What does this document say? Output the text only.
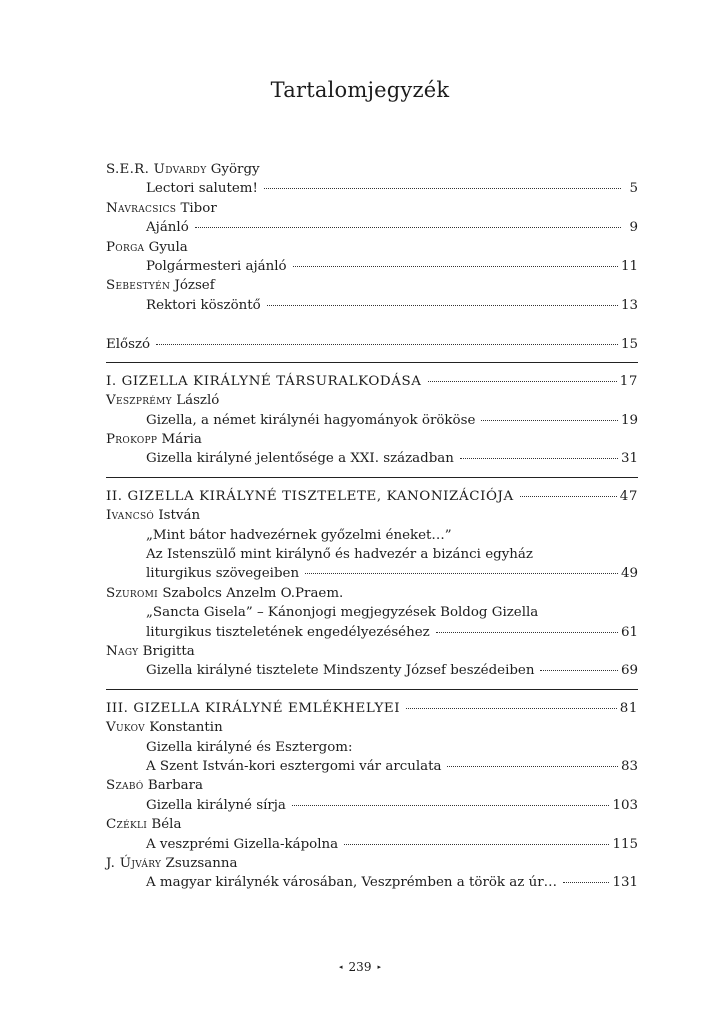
Tartalomjegyzék
S.E.R. Udvardy
György
Lectori salutem!	5
Navracsics
Tibor
Ajánló	9
Porga
Gyula
Polgármesteri ajánló	11
Sebestyén
József
Rektori köszöntő	13
Előszó	15
I. GIZELLA KIRÁLYNÉ TÁRSURALKODÁSA	17
Veszprémy
László
Gizella, a német királynéi hagyományok örököse	19
Prokopp
Mária
Gizella királyné jelentősége a XXI. században	31
II. GIZELLA KIRÁLYNÉ TISZTELETE, KANONIZÁCIÓJA	47
Ivancsó
István
„Mint bátor hadvezérnek győzelmi éneket…”
Az Istenszülő mint királynő és hadvezér a bizánci egyház
liturgikus szövegeiben	49
Szuromi
Szabolcs Anzelm O.Praem.
„Sancta Gisela” – Kánonjogi megjegyzések Boldog Gizella
liturgikus tiszteletének engedélyezéséhez	61
Nagy
Brigitta
Gizella királyné tisztelete Mindszenty József beszédeiben	69
III. GIZELLA KIRÁLYNÉ EMLÉKHELYEI	81
Vukov
Konstantin
Gizella királyné és Esztergom:
A Szent István-kori esztergomi vár arculata	83
Szabó
Barbara
Gizella királyné sírja	103
Czékli
Béla
A veszprémi Gizella-kápolna	115
J. Újváry
Zsuzsanna
A magyar királynék városában, Veszprémben a török az úr…	131
◂ 239 ▸
